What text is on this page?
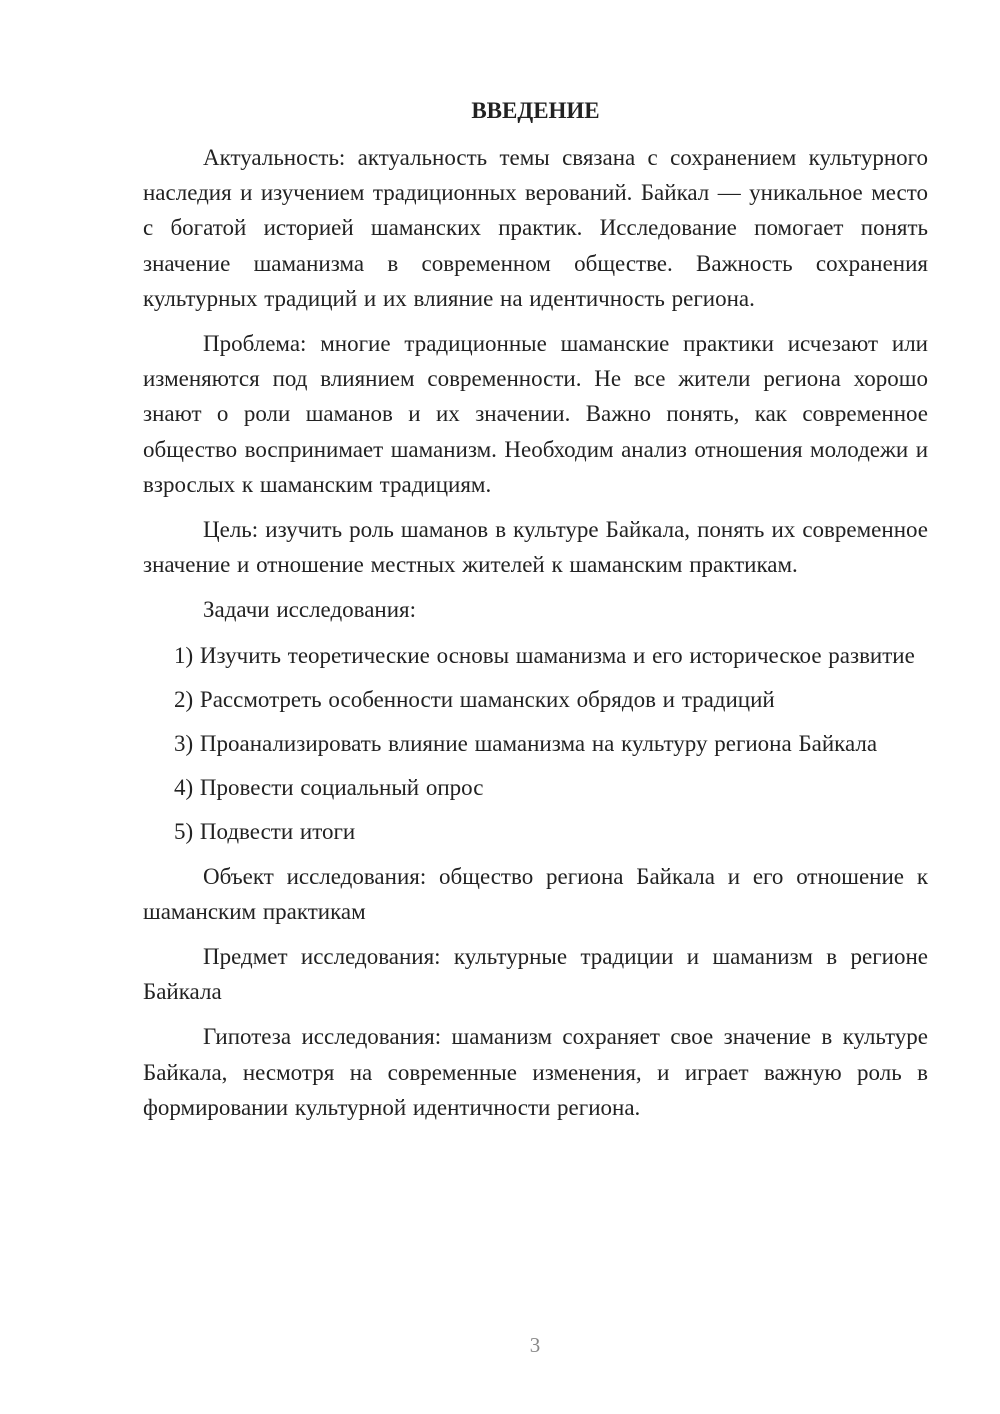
ВВЕДЕНИЕ

Актуальность: актуальность темы связана с сохранением культурного наследия и изучением традиционных верований. Байкал — уникальное место с богатой историей шаманских практик. Исследование помогает понять значение шаманизма в современном обществе. Важность сохранения культурных традиций и их влияние на идентичность региона.

Проблема: многие традиционные шаманские практики исчезают или изменяются под влиянием современности. Не все жители региона хорошо знают о роли шаманов и их значении. Важно понять, как современное общество воспринимает шаманизм. Необходим анализ отношения молодежи и взрослых к шаманским традициям.

Цель: изучить роль шаманов в культуре Байкала, понять их современное значение и отношение местных жителей к шаманским практикам.

Задачи исследования:

1) Изучить теоретические основы шаманизма и его историческое развитие

2) Рассмотреть особенности шаманских обрядов и традиций

3) Проанализировать влияние шаманизма на культуру региона Байкала

4) Провести социальный опрос

5) Подвести итоги

Объект исследования: общество региона Байкала и его отношение к шаманским практикам

Предмет исследования: культурные традиции и шаманизм в регионе Байкала

Гипотеза исследования: шаманизм сохраняет свое значение в культуре Байкала, несмотря на современные изменения, и играет важную роль в формировании культурной идентичности региона.

3
